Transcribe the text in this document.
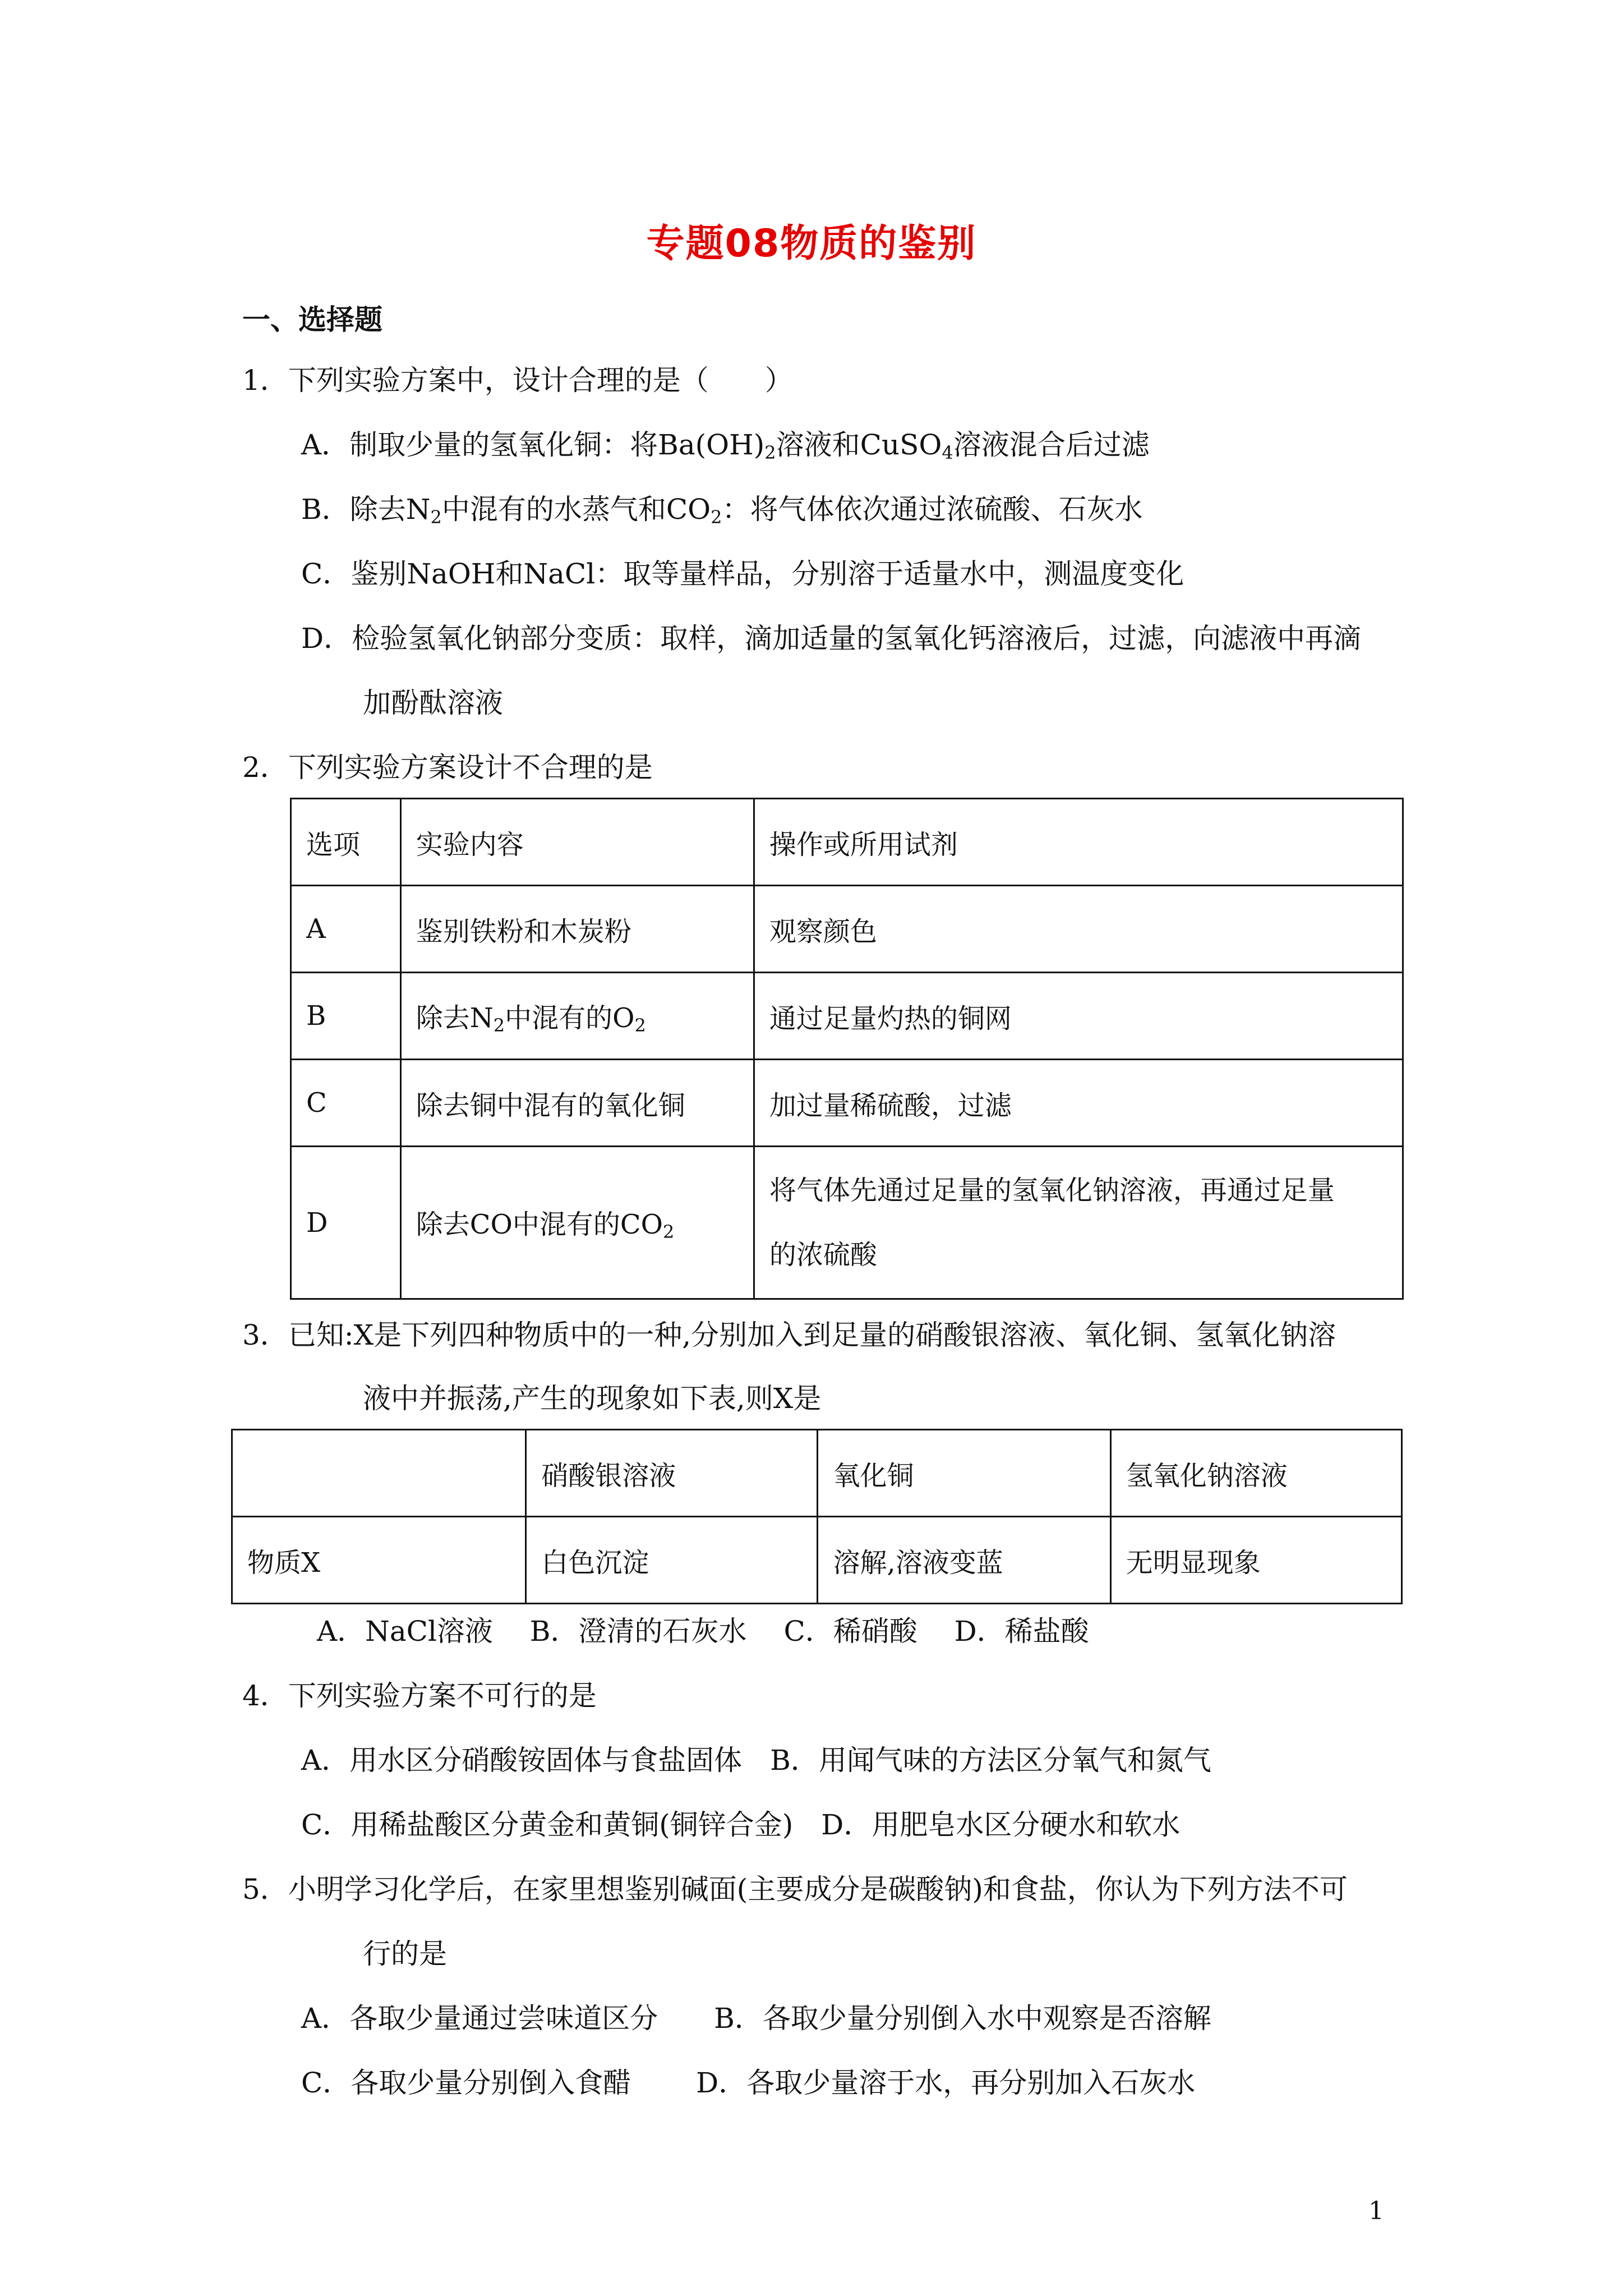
专题08物质的鉴别
一、选择题
1．下列实验方案中，设计合理的是（　　）
A．制取少量的氢氧化铜：将$Ba(OH)_2$溶液和CuSO$_4$溶液混合后过滤
B．除去$N_2$中混有的水蒸气和$CO_2$：将气体依次通过浓硫酸、石灰水
C．鉴别NaOH和NaCl：取等量样品，分别溶于适量水中，测温度变化
D．检验氢氧化钠部分变质：取样，滴加适量的氢氧化钙溶液后，过滤，向滤液中再滴
加酚酞溶液
2．下列实验方案设计不合理的是
选项	实验内容	操作或所用试剂
A	鉴别铁粉和木炭粉	观察颜色
B	除去$N_2$中混有的$O_2$	通过足量灼热的铜网
C	除去铜中混有的氧化铜	加过量稀硫酸，过滤
D	除去CO中混有的$CO_2$	将气体先通过足量的氢氧化钠溶液，再通过足量
的浓硫酸
3．已知:X是下列四种物质中的一种,分别加入到足量的硝酸银溶液、氧化铜、氢氧化钠溶
液中并振荡,产生的现象如下表,则X是
	硝酸银溶液	氧化铜	氢氧化钠溶液
物质X	白色沉淀	溶解,溶液变蓝	无明显现象
A．NaCl溶液　 B．澄清的石灰水　 C．稀硝酸　 D．稀盐酸
4．下列实验方案不可行的是
A．用水区分硝酸铵固体与食盐固体　B．用闻气味的方法区分氧气和氮气
C．用稀盐酸区分黄金和黄铜(铜锌合金)　D．用肥皂水区分硬水和软水
5．小明学习化学后，在家里想鉴别碱面(主要成分是碳酸钠)和食盐，你认为下列方法不可
行的是
A．各取少量通过尝味道区分　　B．各取少量分别倒入水中观察是否溶解
C．各取少量分别倒入食醋　　 D．各取少量溶于水，再分别加入石灰水
1
